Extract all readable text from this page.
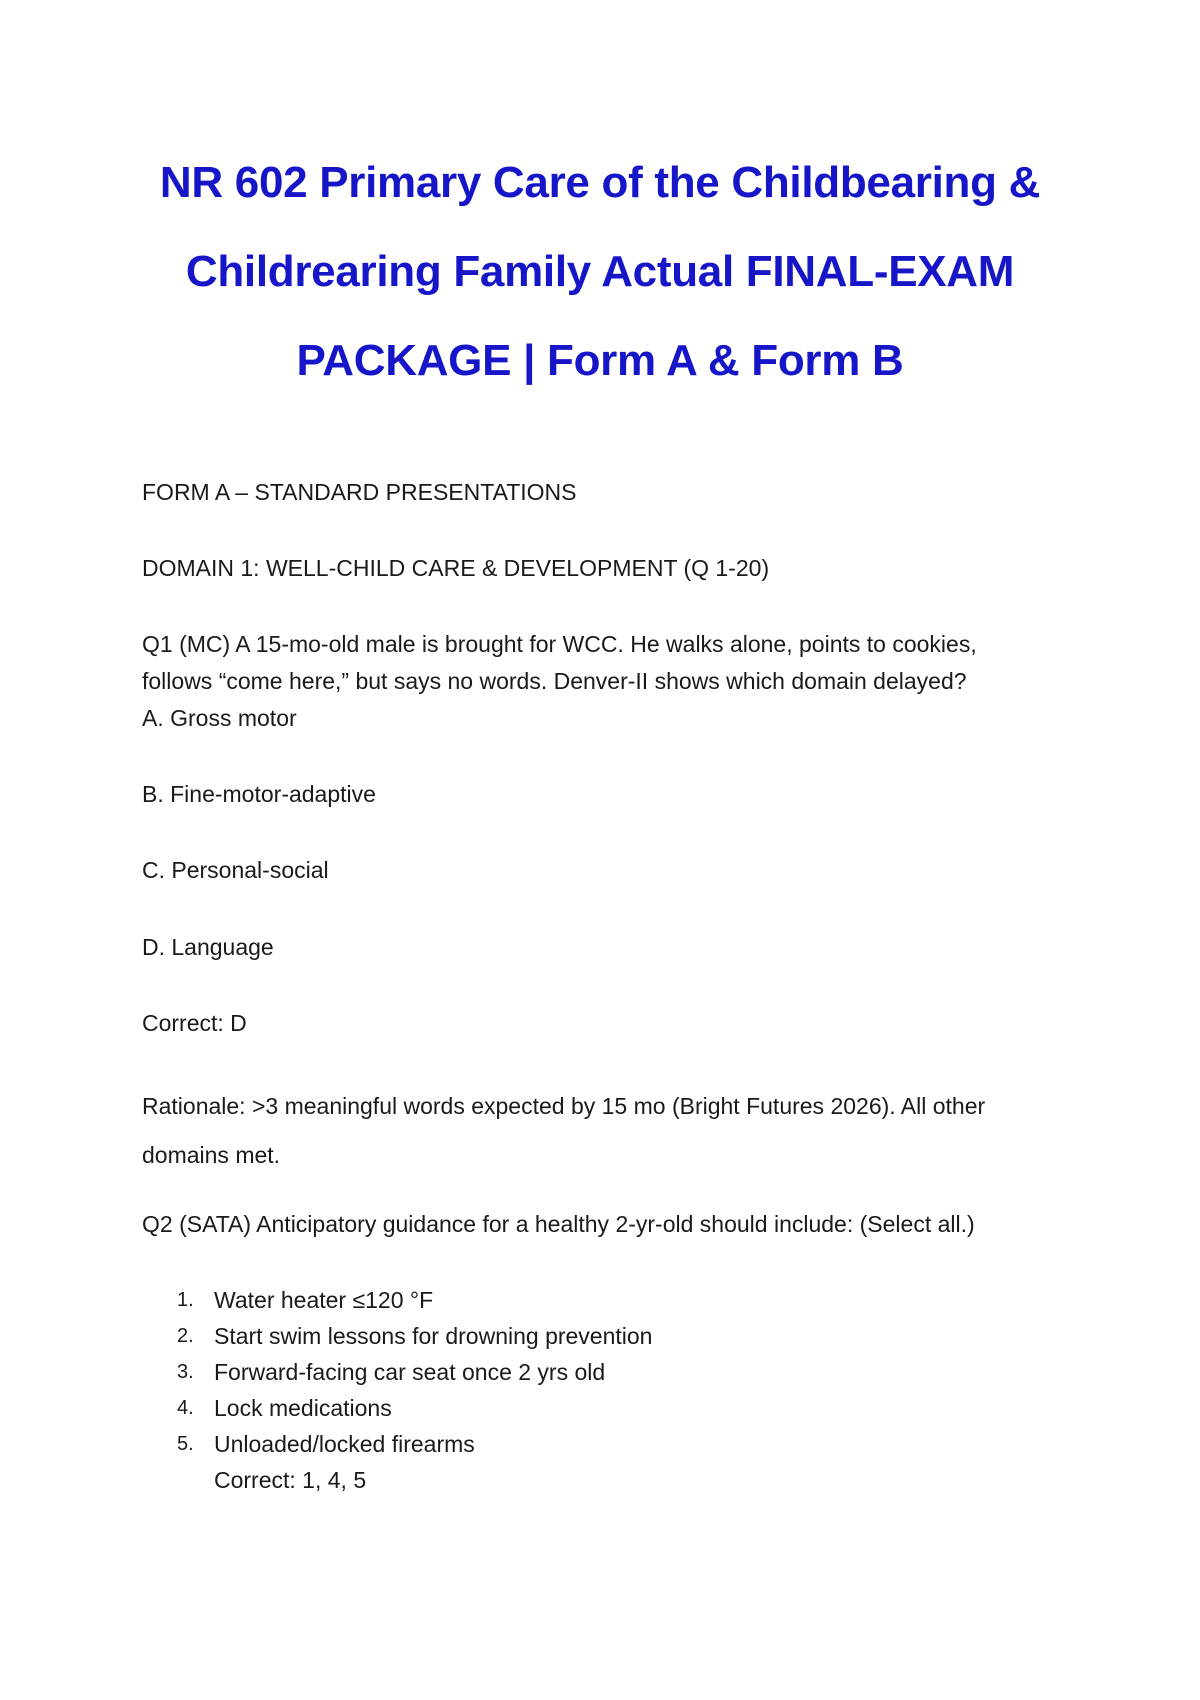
NR 602 Primary Care of the Childbearing &
Childrearing Family Actual FINAL-EXAM
PACKAGE | Form A & Form B

FORM A – STANDARD PRESENTATIONS

DOMAIN 1: WELL-CHILD CARE & DEVELOPMENT (Q 1-20)

Q1 (MC) A 15-mo-old male is brought for WCC. He walks alone, points to cookies,
follows “come here,” but says no words. Denver-II shows which domain delayed?

A. Gross motor

B. Fine-motor-adaptive

C. Personal-social

D. Language

Correct: D

Rationale: >3 meaningful words expected by 15 mo (Bright Futures 2026). All other
domains met.

Q2 (SATA) Anticipatory guidance for a healthy 2-yr-old should include: (Select all.)

1. Water heater ≤120 °F
2. Start swim lessons for drowning prevention
3. Forward-facing car seat once 2 yrs old
4. Lock medications
5. Unloaded/locked firearms
Correct: 1, 4, 5
